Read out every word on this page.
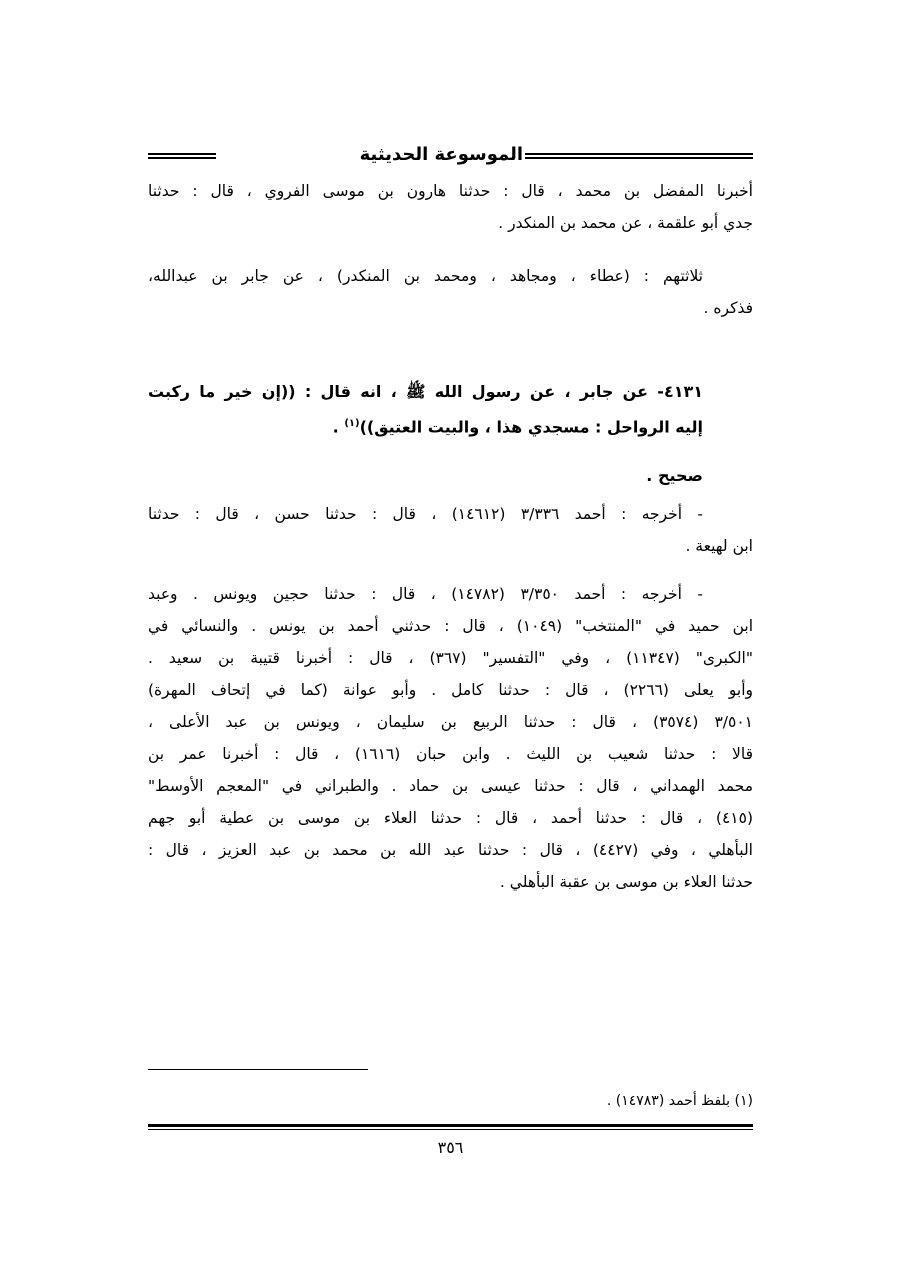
الموسوعة الحديثية
أخبرنا المفضل بن محمد ، قال : حدثنا هارون بن موسى الفروي ، قال : حدثنا
جدي أبو علقمة ، عن محمد بن المنكدر .
ثلاثتهم : (عطاء ، ومجاهد ، ومحمد بن المنكدر) ، عن جابر بن عبدالله،
فذكره .
٤١٣١- عن جابر ، عن رسول الله ﷺ ، انه قال : ((إن خير ما ركبت
إليه الرواحل : مسجدي هذا ، والبيت العتيق))$^{(١)}$ .
صحيح .
- أخرجه : أحمد ٣/٣٣٦ (١٤٦١٢) ، قال : حدثنا حسن ، قال : حدثنا
ابن لهيعة .
- أخرجه : أحمد ٣/٣٥٠ (١٤٧٨٢) ، قال : حدثنا حجين ويونس . وعبد
ابن حميد في "المنتخب" (١٠٤٩) ، قال : حدثني أحمد بن يونس . والنسائي في
"الكبرى" (١١٣٤٧) ، وفي "التفسير" (٣٦٧) ، قال : أخبرنا قتيبة بن سعيد .
وأبو يعلى (٢٢٦٦) ، قال : حدثنا كامل . وأبو عوانة (كما في إتحاف المهرة)
٣/٥٠١ (٣٥٧٤) ، قال : حدثنا الربيع بن سليمان ، ويونس بن عبد الأعلى ،
قالا : حدثنا شعيب بن الليث . وابن حبان (١٦١٦) ، قال : أخبرنا عمر بن
محمد الهمداني ، قال : حدثنا عيسى بن حماد . والطبراني في "المعجم الأوسط"
(٤١٥) ، قال : حدثنا أحمد ، قال : حدثنا العلاء بن موسى بن عطية أبو جهم
البأهلي ، وفي (٤٤٢٧) ، قال : حدثنا عبد الله بن محمد بن عبد العزيز ، قال :
حدثنا العلاء بن موسى بن عقبة البأهلي .
(١) بلفظ أحمد (١٤٧٨٣) .
٣٥٦
